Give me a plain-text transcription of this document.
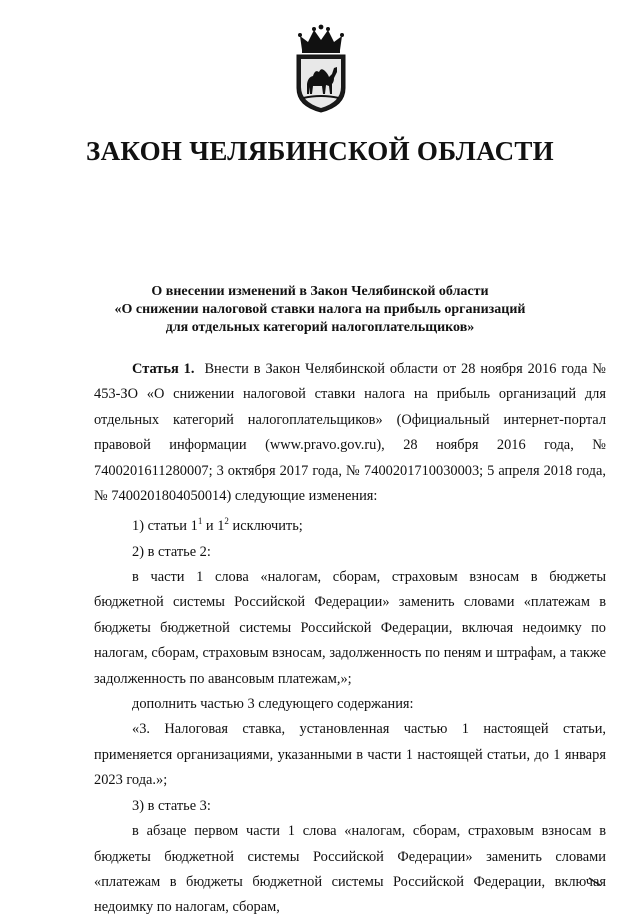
ЗАКОН ЧЕЛЯБИНСКОЙ ОБЛАСТИ
О внесении изменений в Закон Челябинской области
«О снижении налоговой ставки налога на прибыль организаций
для отдельных категорий налогоплательщиков»

Статья 1. Внести в Закон Челябинской области от 28 ноября 2016 года № 453-ЗО «О снижении налоговой ставки налога на прибыль организаций для отдельных категорий налогоплательщиков» (Официальный интернет-портал правовой информации (www.pravo.gov.ru), 28 ноября 2016 года, № 7400201611280007; 3 октября 2017 года, № 7400201710030003; 5 апреля 2018 года, № 7400201804050014) следующие изменения:

1) статьи $1^1$ и $1^2$ исключить;

2) в статье 2:

в части 1 слова «налогам, сборам, страховым взносам в бюджеты бюджетной системы Российской Федерации» заменить словами «платежам в бюджеты бюджетной системы Российской Федерации, включая недоимку по налогам, сборам, страховым взносам, задолженность по пеням и штрафам, а также задолженность по авансовым платежам,»;

дополнить частью 3 следующего содержания:

«3. Налоговая ставка, установленная частью 1 настоящей статьи, применяется организациями, указанными в части 1 настоящей статьи, до 1 января 2023 года.»;

3) в статье 3:

в абзаце первом части 1 слова «налогам, сборам, страховым взносам в бюджеты бюджетной системы Российской Федерации» заменить словами «платежам в бюджеты бюджетной системы Российской Федерации, включая недоимку по налогам, сборам,
